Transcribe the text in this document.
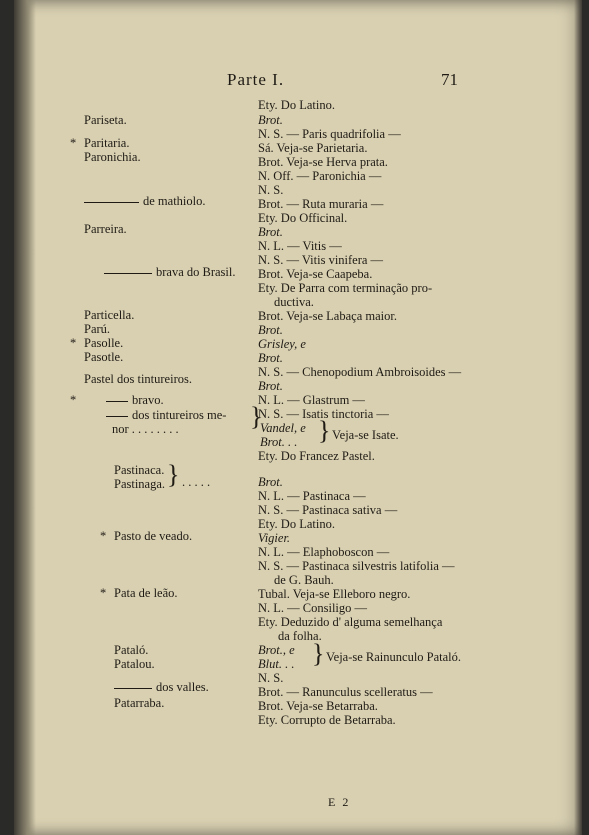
Parte I.	71
Pariseta.
* Paritaria.
Paronichia.
de mathiolo.
Parreira.
brava do Brasil.
Particella.
Parú.
* Pasolle.
Pasotle.
Pastel dos tintureiros.
*	bravo.
dos tintureiros me-
nor . . . . . . . .	}
Pastinaca.
Pastinaga. } . . . . .
* Pasto de veado.
* Pata de leão.
Pataló.
Patalou.
dos valles.
Patarraba.
Ety. Do Latino.
Brot.
N. S. — Paris quadrifolia —
Sá. Veja-se Parietaria.
Brot. Veja-se Herva prata.
N. Off. — Paronichia —
N. S.
Brot. — Ruta muraria —
Ety. Do Officinal.
Brot.
N. L. — Vitis —
N. S. — Vitis vinifera —
Brot. Veja-se Caapeba.
Ety. De Parra com terminação pro-
ductiva.
Brot. Veja-se Labaça maior.
Brot.
Grisley, e
Brot.
N. S. — Chenopodium Ambroisoides —
Brot.
N. L. — Glastrum —
N. S. — Isatis tinctoria —
Vandel, e
Brot. . . } Veja-se Isate.
Ety. Do Francez Pastel.
Brot.
N. L. — Pastinaca —
N. S. — Pastinaca sativa —
Ety. Do Latino.
Vigier.
N. L. — Elaphoboscon —
N. S. — Pastinaca silvestris latifolia —
de G. Bauh.
Tubal. Veja-se Elleboro negro.
N. L. — Consiligo —
Ety. Deduzido d' alguma semelhança
da folha.
Brot., e
Blut. . . } Veja-se Rainunculo Pataló.
N. S.
Brot. — Ranunculus scelleratus —
Brot. Veja-se Betarraba.
Ety. Corrupto de Betarraba.
E 2
